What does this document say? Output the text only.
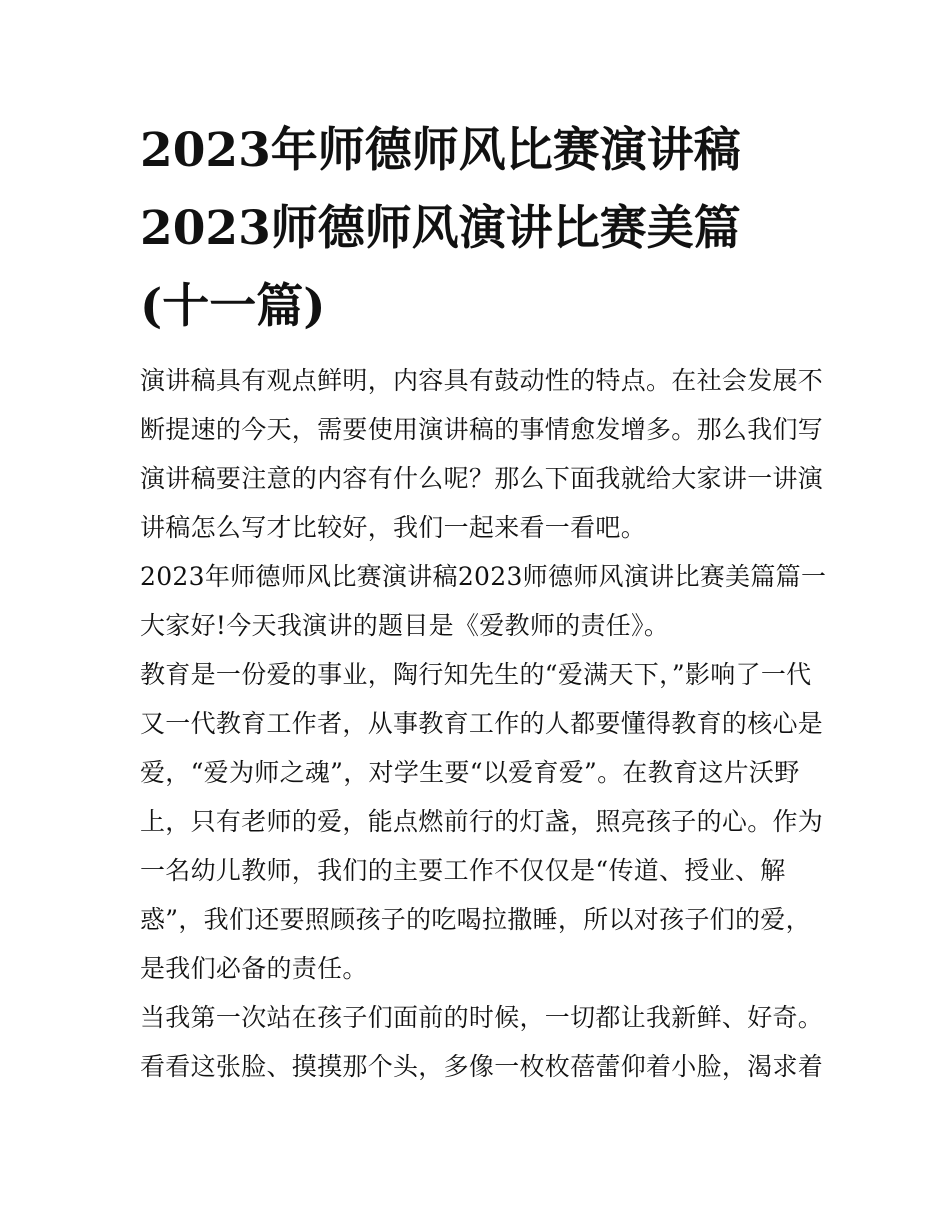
2023年师德师风比赛演讲稿
2023师德师风演讲比赛美篇
(十一篇)
演讲稿具有观点鲜明，内容具有鼓动性的特点。在社会发展不
断提速的今天，需要使用演讲稿的事情愈发增多。那么我们写
演讲稿要注意的内容有什么呢？那么下面我就给大家讲一讲演
讲稿怎么写才比较好，我们一起来看一看吧。
2023年师德师风比赛演讲稿2023师德师风演讲比赛美篇篇一
大家好!今天我演讲的题目是《爱教师的责任》。
教育是一份爱的事业，陶行知先生的“爱满天下，”影响了一代
又一代教育工作者，从事教育工作的人都要懂得教育的核心是
爱，“爱为师之魂”，对学生要“以爱育爱”。在教育这片沃野
上，只有老师的爱，能点燃前行的灯盏，照亮孩子的心。作为
一名幼儿教师，我们的主要工作不仅仅是“传道、授业、解
惑”，我们还要照顾孩子的吃喝拉撒睡，所以对孩子们的爱，
是我们必备的责任。
当我第一次站在孩子们面前的时候，一切都让我新鲜、好奇。
看看这张脸、摸摸那个头，多像一枚枚蓓蕾仰着小脸，渴求着
